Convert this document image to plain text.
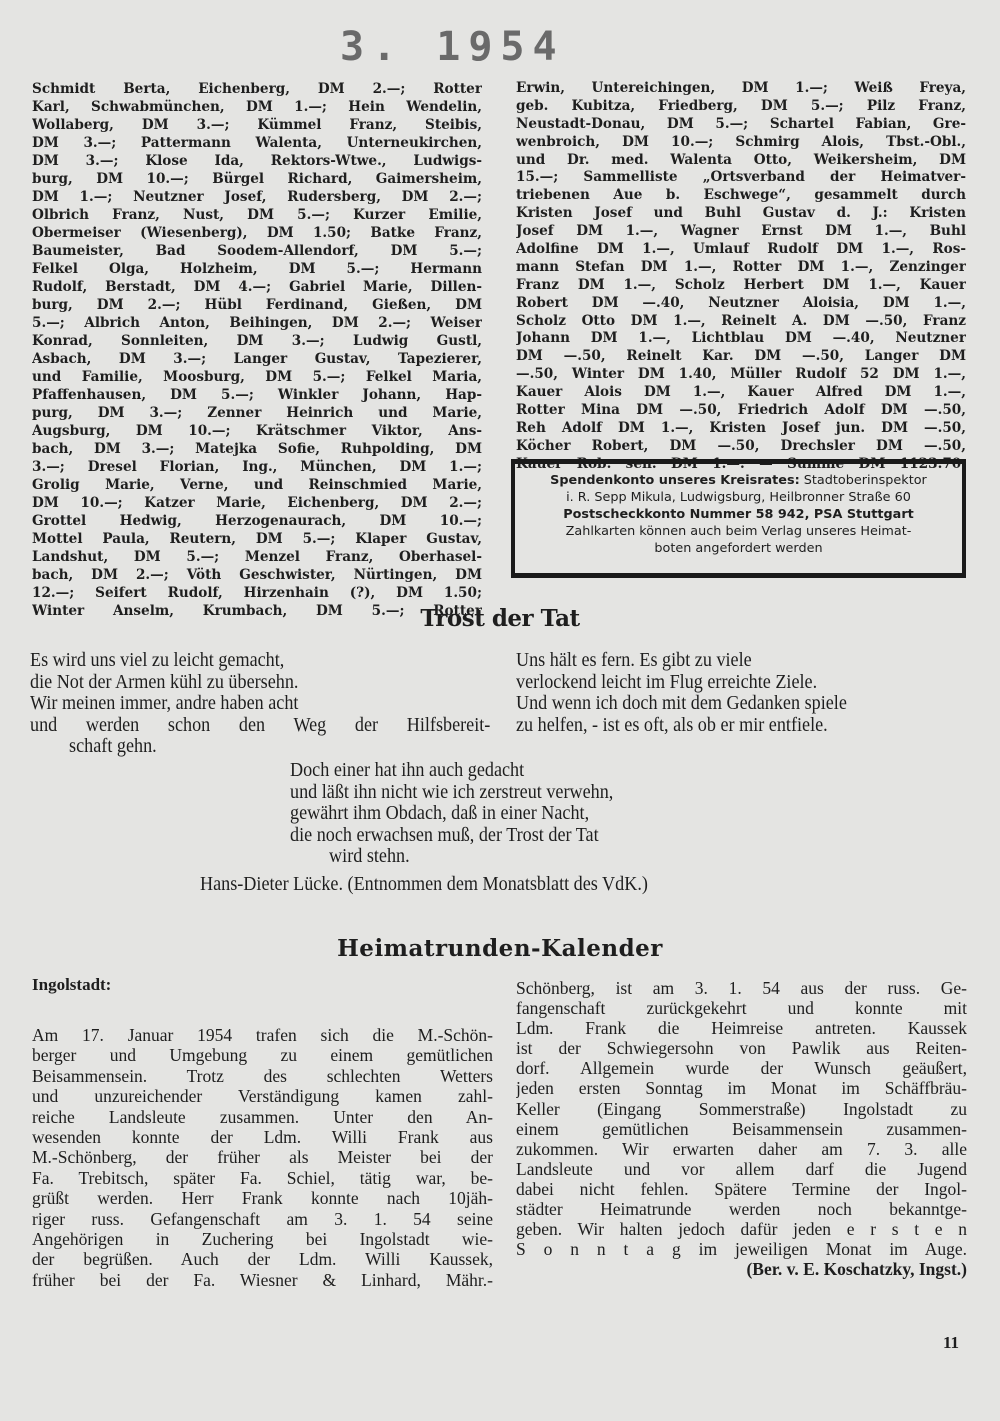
3. 1954
Schmidt Berta, Eichenberg, DM 2.—; Rotter
Karl, Schwabmünchen, DM 1.—; Hein Wendelin,
Wollaberg, DM 3.—; Kümmel Franz, Steibis,
DM 3.—; Pattermann Walenta, Unterneukirchen,
DM 3.—; Klose Ida, Rektors-Wtwe., Ludwigs-
burg, DM 10.—; Bürgel Richard, Gaimersheim,
DM 1.—; Neutzner Josef, Rudersberg, DM 2.—;
Olbrich Franz, Nust, DM 5.—; Kurzer Emilie,
Obermeiser (Wiesenberg), DM 1.50; Batke Franz,
Baumeister, Bad Soodem-Allendorf, DM 5.—;
Felkel Olga, Holzheim, DM 5.—; Hermann
Rudolf, Berstadt, DM 4.—; Gabriel Marie, Dillen-
burg, DM 2.—; Hübl Ferdinand, Gießen, DM
5.—; Albrich Anton, Beihingen, DM 2.—; Weiser
Konrad, Sonnleiten, DM 3.—; Ludwig Gustl,
Asbach, DM 3.—; Langer Gustav, Tapezierer,
und Familie, Moosburg, DM 5.—; Felkel Maria,
Pfaffenhausen, DM 5.—; Winkler Johann, Hap-
purg, DM 3.—; Zenner Heinrich und Marie,
Augsburg, DM 10.—; Krätschmer Viktor, Ans-
bach, DM 3.—; Matejka Sofie, Ruhpolding, DM
3.—; Dresel Florian, Ing., München, DM 1.—;
Grolig Marie, Verne, und Reinschmied Marie,
DM 10.—; Katzer Marie, Eichenberg, DM 2.—;
Grottel Hedwig, Herzogenaurach, DM 10.—;
Mottel Paula, Reutern, DM 5.—; Klaper Gustav,
Landshut, DM 5.—; Menzel Franz, Oberhasel-
bach, DM 2.—; Vöth Geschwister, Nürtingen, DM
12.—; Seifert Rudolf, Hirzenhain (?), DM 1.50;
Winter Anselm, Krumbach, DM 5.—; Rotter
Erwin, Untereichingen, DM 1.—; Weiß Freya,
geb. Kubitza, Friedberg, DM 5.—; Pilz Franz,
Neustadt-Donau, DM 5.—; Schartel Fabian, Gre-
wenbroich, DM 10.—; Schmirg Alois, Tbst.-Obl.,
und Dr. med. Walenta Otto, Weikersheim, DM
15.—; Sammelliste „Ortsverband der Heimatver-
triebenen Aue b. Eschwege“, gesammelt durch
Kristen Josef und Buhl Gustav d. J.: Kristen
Josef DM 1.—, Wagner Ernst DM 1.—, Buhl
Adolfine DM 1.—, Umlauf Rudolf DM 1.—, Ros-
mann Stefan DM 1.—, Rotter DM 1.—, Zenzinger
Franz DM 1.—, Scholz Herbert DM 1.—, Kauer
Robert DM —.40, Neutzner Aloisia, DM 1.—,
Scholz Otto DM 1.—, Reinelt A. DM —.50, Franz
Johann DM 1.—, Lichtblau DM —.40, Neutzner
DM —.50, Reinelt Kar. DM —.50, Langer DM
—.50, Winter DM 1.40, Müller Rudolf 52 DM 1.—,
Kauer Alois DM 1.—, Kauer Alfred DM 1.—,
Rotter Mina DM —.50, Friedrich Adolf DM —.50,
Reh Adolf DM 1.—, Kristen Josef jun. DM —.50,
Köcher Robert, DM —.50, Drechsler DM —.50,
Kauer Rob. sen. DM 1.—. — Summe DM 1123.70.
Spendenkonto unseres Kreisrates: Stadtoberinspektor
i. R. Sepp Mikula, Ludwigsburg, Heilbronner Straße 60
Postscheckkonto Nummer 58 942, PSA Stuttgart
Zahlkarten können auch beim Verlag unseres Heimat-
boten angefordert werden
Trost der Tat
Es wird uns viel zu leicht gemacht,
die Not der Armen kühl zu übersehn.
Wir meinen immer, andre haben acht
und werden schon den Weg der Hilfsbereit-
schaft gehn.
Uns hält es fern. Es gibt zu viele
verlockend leicht im Flug erreichte Ziele.
Und wenn ich doch mit dem Gedanken spiele
zu helfen, - ist es oft, als ob er mir entfiele.
Doch einer hat ihn auch gedacht
und läßt ihn nicht wie ich zerstreut verwehn,
gewährt ihm Obdach, daß in einer Nacht,
die noch erwachsen muß, der Trost der Tat
wird stehn.
Hans-Dieter Lücke. (Entnommen dem Monatsblatt des VdK.)
Heimatrunden-Kalender
Ingolstadt:
Am 17. Januar 1954 trafen sich die M.-Schön-
berger und Umgebung zu einem gemütlichen
Beisammensein. Trotz des schlechten Wetters
und unzureichender Verständigung kamen zahl-
reiche Landsleute zusammen. Unter den An-
wesenden konnte der Ldm. Willi Frank aus
M.-Schönberg, der früher als Meister bei der
Fa. Trebitsch, später Fa. Schiel, tätig war, be-
grüßt werden. Herr Frank konnte nach 10jäh-
riger russ. Gefangenschaft am 3. 1. 54 seine
Angehörigen in Zuchering bei Ingolstadt wie-
der begrüßen. Auch der Ldm. Willi Kaussek,
früher bei der Fa. Wiesner & Linhard, Mähr.-
Schönberg, ist am 3. 1. 54 aus der russ. Ge-
fangenschaft zurückgekehrt und konnte mit
Ldm. Frank die Heimreise antreten. Kaussek
ist der Schwiegersohn von Pawlik aus Reiten-
dorf. Allgemein wurde der Wunsch geäußert,
jeden ersten Sonntag im Monat im Schäffbräu-
Keller (Eingang Sommerstraße) Ingolstadt zu
einem gemütlichen Beisammensein zusammen-
zukommen. Wir erwarten daher am 7. 3. alle
Landsleute und vor allem darf die Jugend
dabei nicht fehlen. Spätere Termine der Ingol-
städter Heimatrunde werden noch bekanntge-
geben. Wir halten jedoch dafür jeden e r s t e n
S o n n t a g im jeweiligen Monat im Auge.
(Ber. v. E. Koschatzky, Ingst.)
11
